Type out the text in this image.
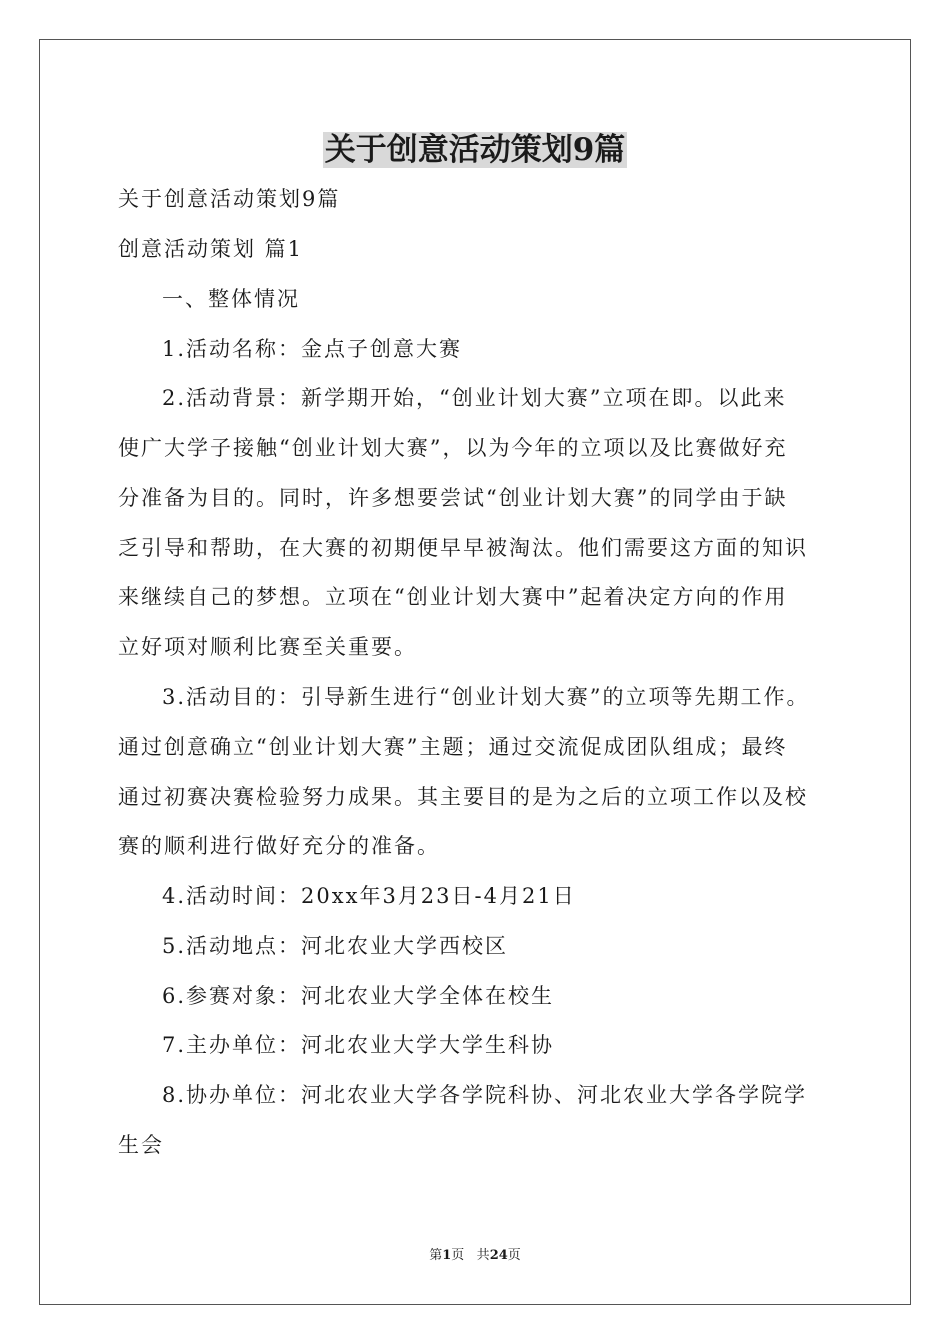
关于创意活动策划9篇
关于创意活动策划9篇
创意活动策划 篇1
一、整体情况
1.活动名称：金点子创意大赛
2.活动背景：新学期开始，“创业计划大赛”立项在即。以此来
使广大学子接触“创业计划大赛”，以为今年的立项以及比赛做好充
分准备为目的。同时，许多想要尝试“创业计划大赛”的同学由于缺
乏引导和帮助，在大赛的初期便早早被淘汰。他们需要这方面的知识
来继续自己的梦想。立项在“创业计划大赛中”起着决定方向的作用
立好项对顺利比赛至关重要。
3.活动目的：引导新生进行“创业计划大赛”的立项等先期工作。
通过创意确立“创业计划大赛”主题；通过交流促成团队组成；最终
通过初赛决赛检验努力成果。其主要目的是为之后的立项工作以及校
赛的顺利进行做好充分的准备。
4.活动时间：20xx年3月23日-4月21日
5.活动地点：河北农业大学西校区
6.参赛对象：河北农业大学全体在校生
7.主办单位：河北农业大学大学生科协
8.协办单位：河北农业大学各学院科协、河北农业大学各学院学
生会
第1页 共24页
